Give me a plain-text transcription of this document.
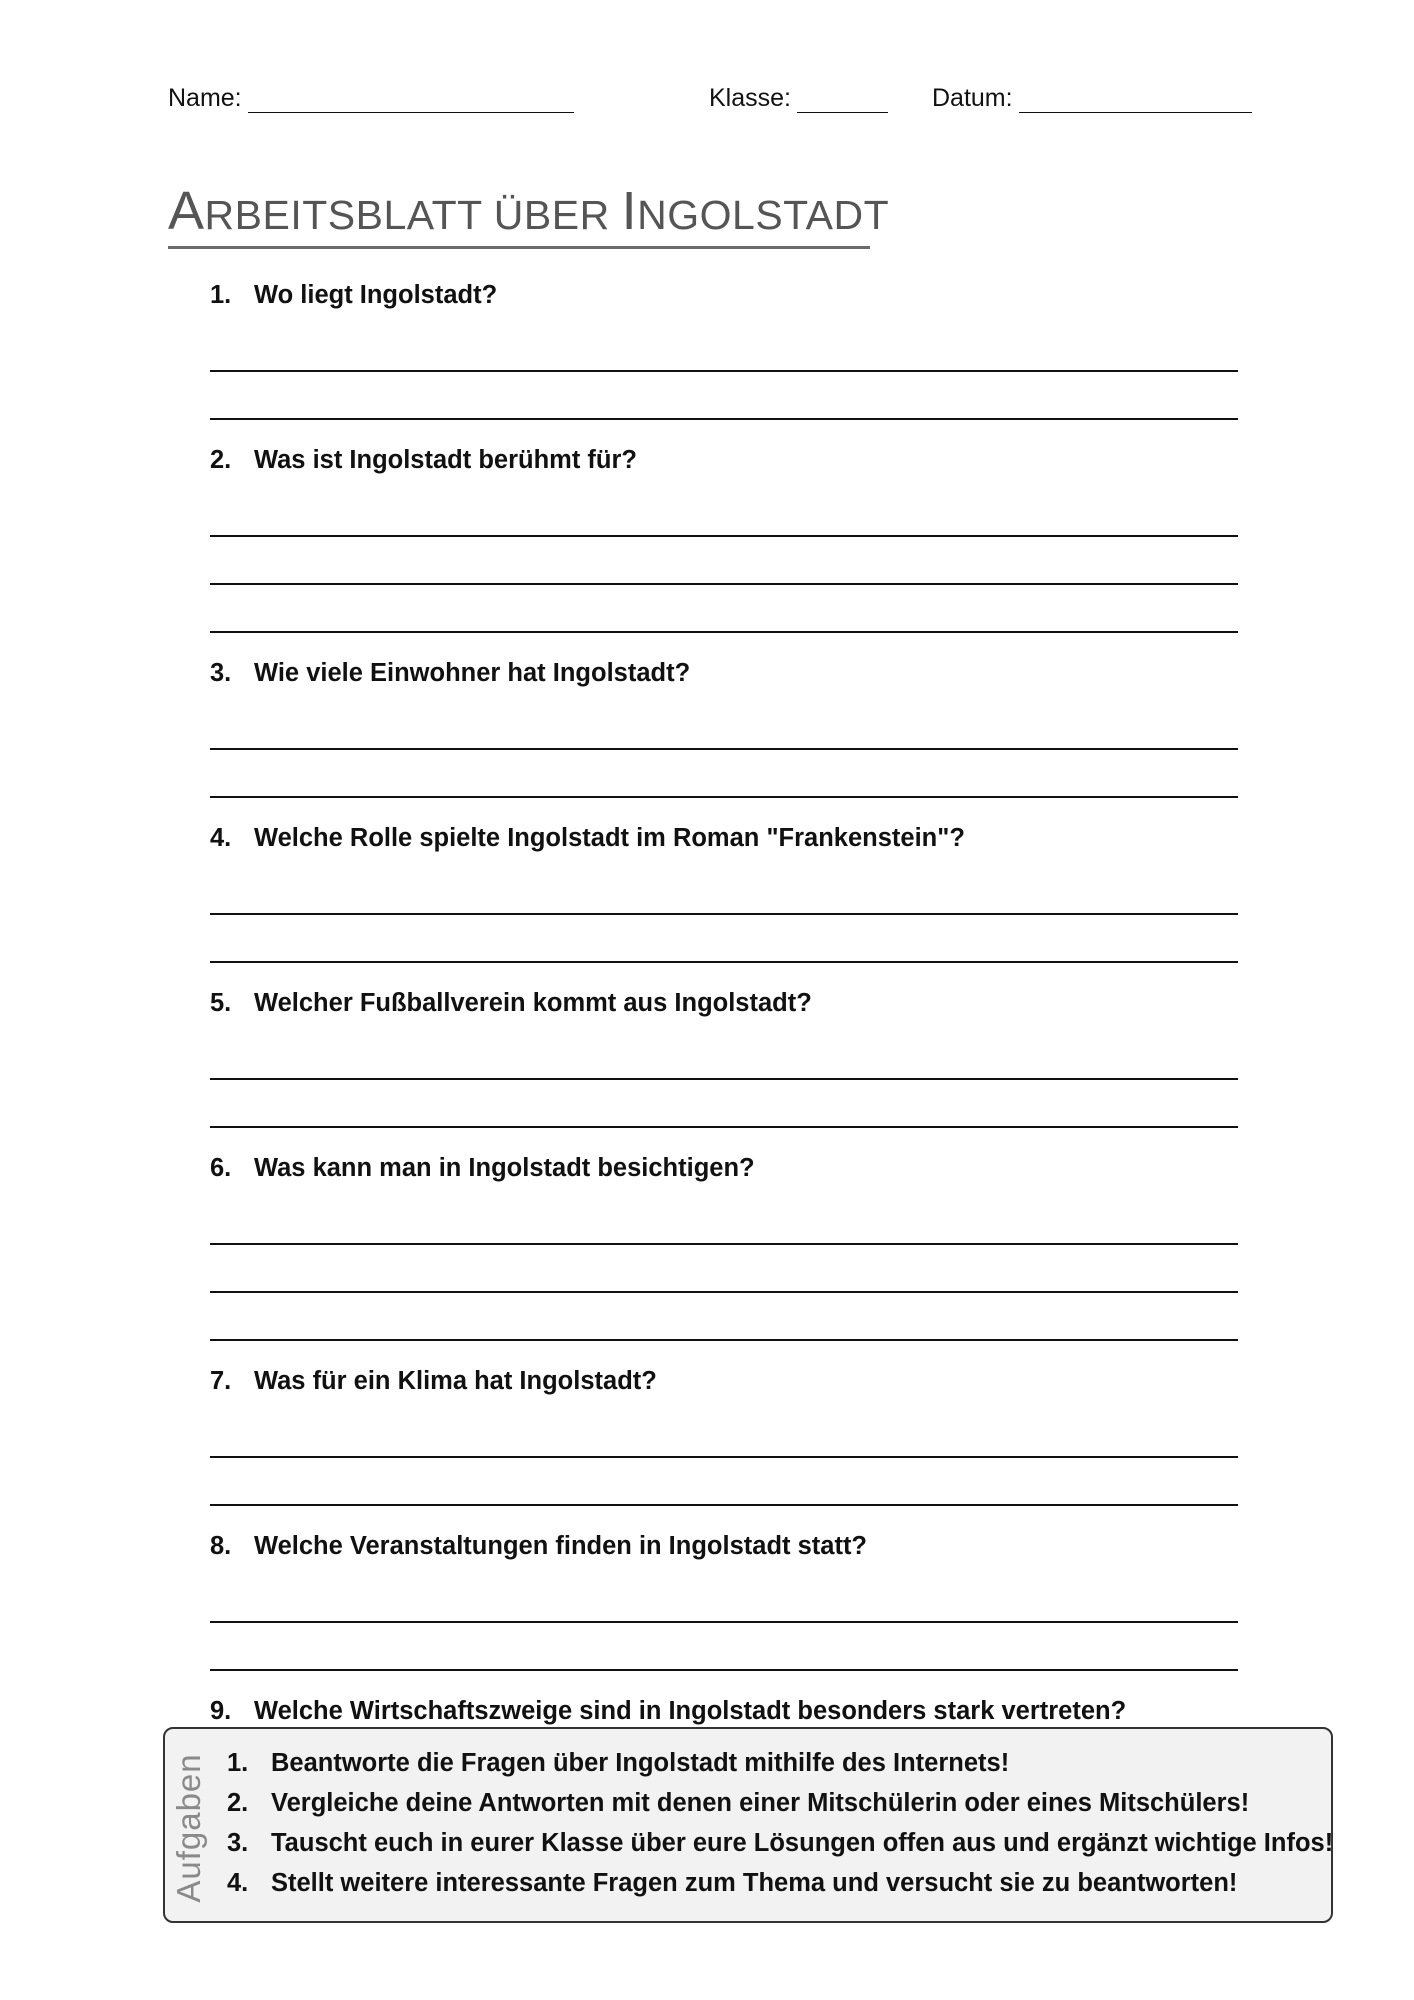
Name:	Klasse:	Datum:
ARBEITSBLATT ÜBER INGOLSTADT
1. Wo liegt Ingolstadt?
2. Was ist Ingolstadt berühmt für?
3. Wie viele Einwohner hat Ingolstadt?
4. Welche Rolle spielte Ingolstadt im Roman "Frankenstein"?
5. Welcher Fußballverein kommt aus Ingolstadt?
6. Was kann man in Ingolstadt besichtigen?
7. Was für ein Klima hat Ingolstadt?
8. Welche Veranstaltungen finden in Ingolstadt statt?
9. Welche Wirtschaftszweige sind in Ingolstadt besonders stark vertreten?
Aufgaben 1. Beantworte die Fragen über Ingolstadt mithilfe des Internets!
2. Vergleiche deine Antworten mit denen einer Mitschülerin oder eines Mitschülers!
3. Tauscht euch in eurer Klasse über eure Lösungen offen aus und ergänzt wichtige Infos!
4. Stellt weitere interessante Fragen zum Thema und versucht sie zu beantworten!
